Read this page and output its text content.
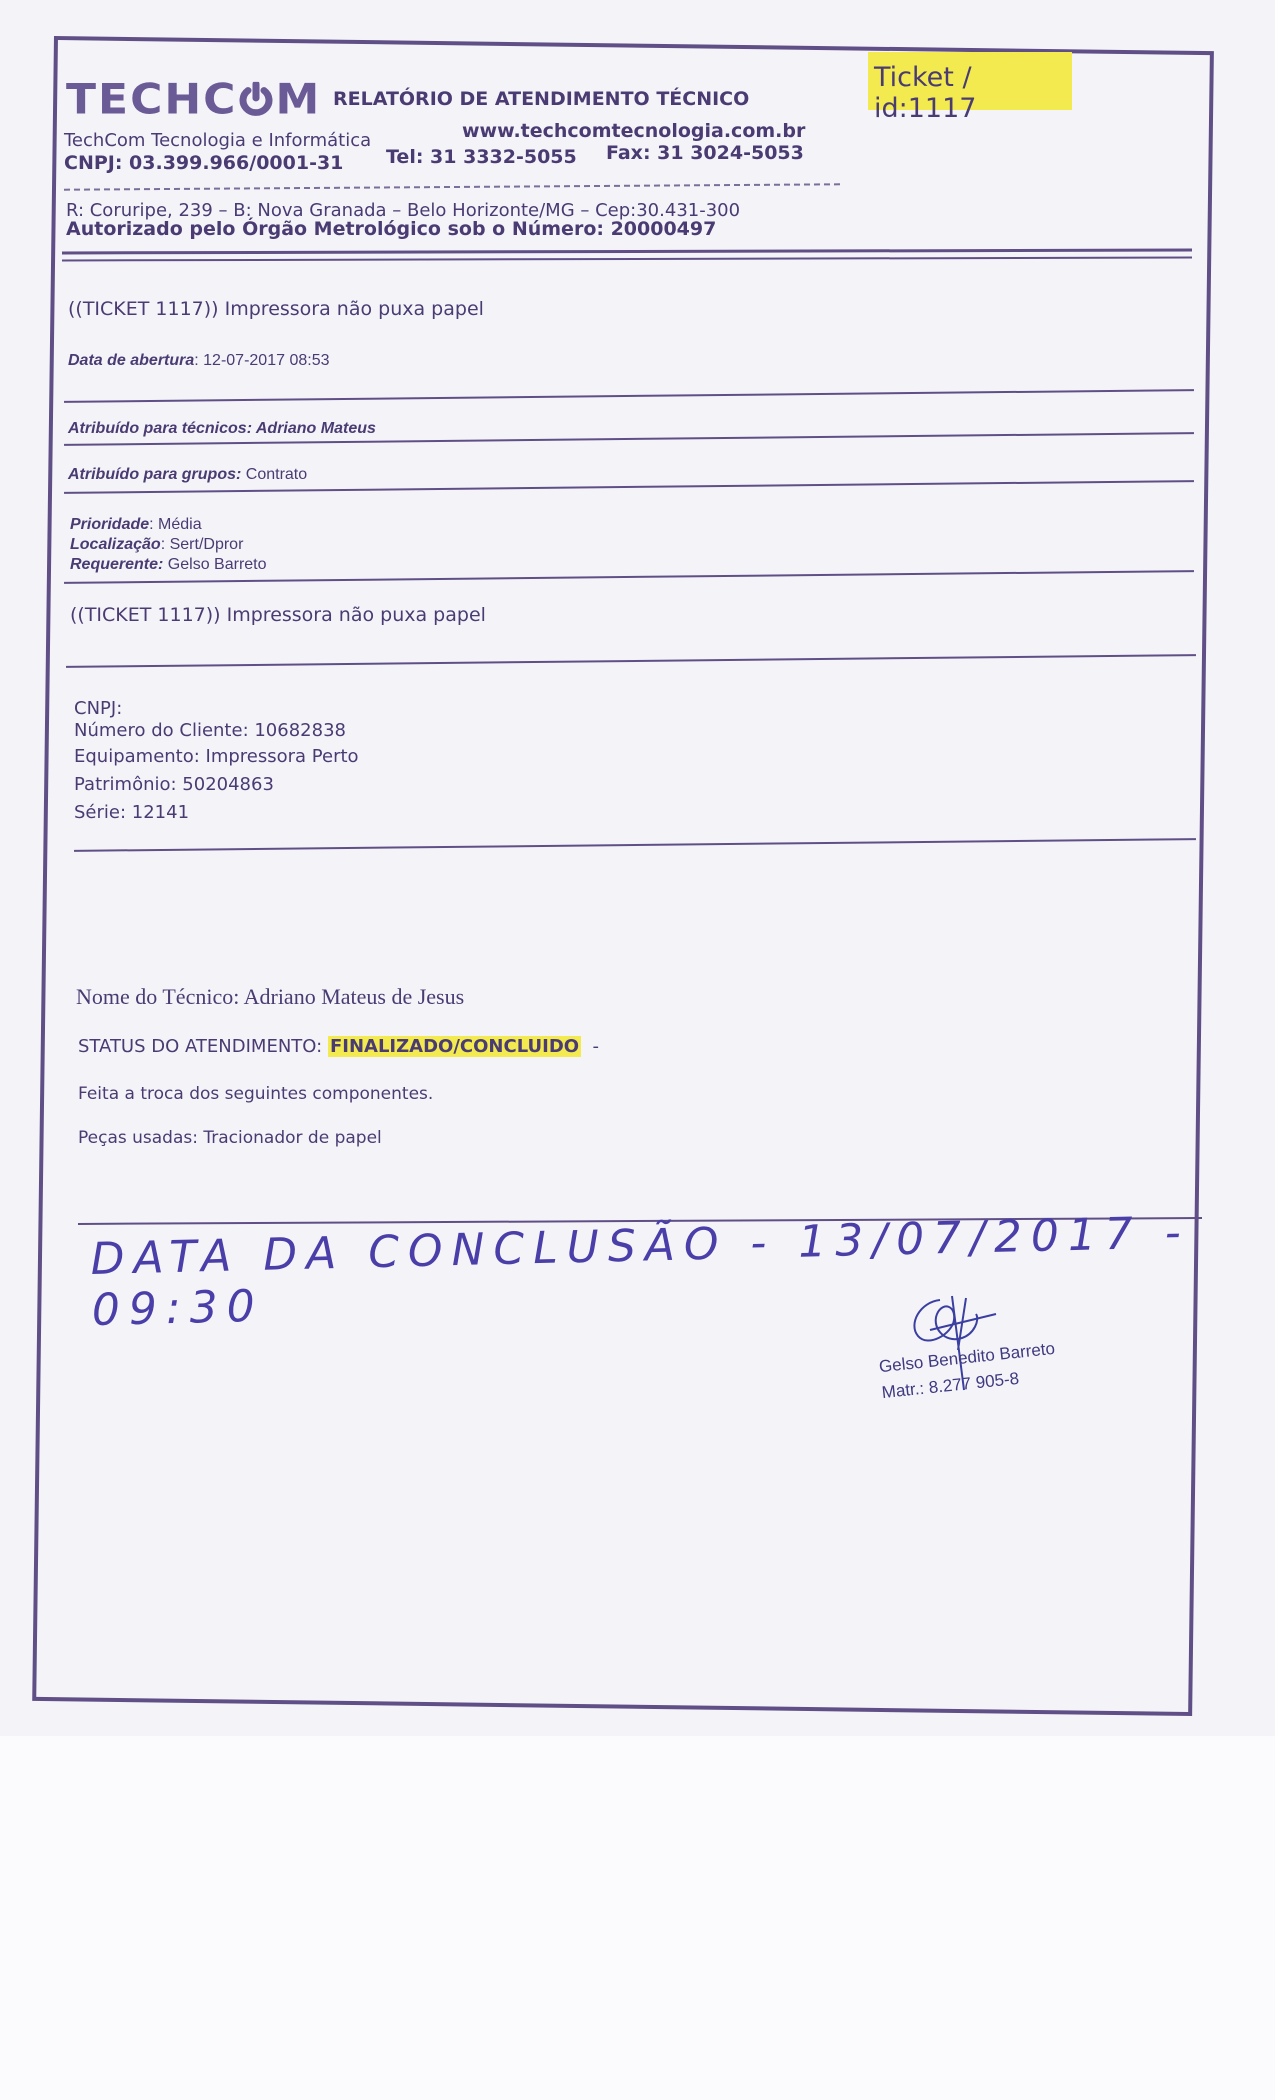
TECHC M RELATÓRIO DE ATENDIMENTO TÉCNICO
Ticket / id:1117
TechCom Tecnologia e Informática	www.techcomtecnologia.com.br
CNPJ: 03.399.966/0001-31 Tel: 31 3332-5055 Fax: 31 3024-5053
R: Coruripe, 239 – B: Nova Granada – Belo Horizonte/MG – Cep:30.431-300
Autorizado pelo Órgão Metrológico sob o Número: 20000497
((TICKET 1117)) Impressora não puxa papel
Data de abertura: 12-07-2017 08:53
Atribuído para técnicos: Adriano Mateus
Atribuído para grupos: Contrato
Prioridade: Média
Localização: Sert/Dpror
Requerente: Gelso Barreto
((TICKET 1117)) Impressora não puxa papel
CNPJ:
Número do Cliente: 10682838
Equipamento: Impressora Perto
Patrimônio: 50204863
Série: 12141
Nome do Técnico: Adriano Mateus de Jesus
STATUS DO ATENDIMENTO: FINALIZADO/CONCLUIDO -
Feita a troca dos seguintes componentes.
Peças usadas: Tracionador de papel
DATA DA CONCLUSÃO - 13/07/2017 - 09:30
Gelso Benedito Barreto
Matr.: 8.277 905-8
